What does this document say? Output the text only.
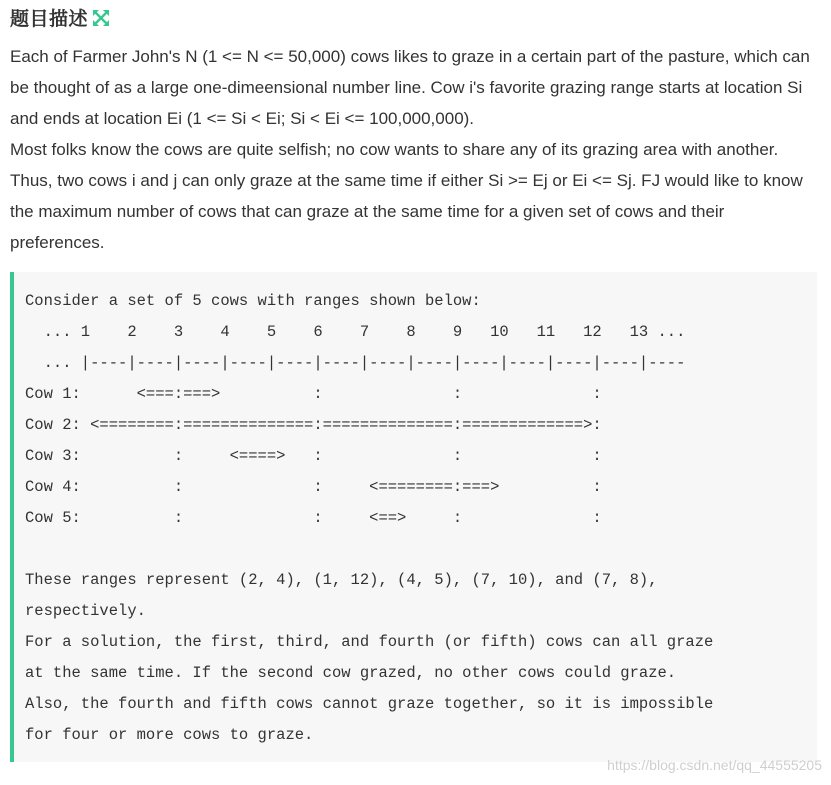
题目描述

Each of Farmer John's N (1 <= N <= 50,000) cows likes to graze in a certain part of the pasture, which can be thought of as a large one-dimeensional number line. Cow i's favorite grazing range starts at location Si and ends at location Ei (1 <= Si < Ei; Si < Ei <= 100,000,000).

Most folks know the cows are quite selfish; no cow wants to share any of its grazing area with another. Thus, two cows i and j can only graze at the same time if either Si >= Ej or Ei <= Sj. FJ would like to know the maximum number of cows that can graze at the same time for a given set of cows and their preferences.

Consider a set of 5 cows with ranges shown below:
... 1    2    3    4    5    6    7    8    9   10   11   12   13 ...
... |----|----|----|----|----|----|----|----|----|----|----|----|----
Cow 1:      <===:===>          :              :              :
Cow 2: <========:==============:==============:=============>:
Cow 3:          :     <====>   :              :              :
Cow 4:          :              :     <========:===>          :
Cow 5:          :              :     <==>     :              :

These ranges represent (2, 4), (1, 12), (4, 5), (7, 10), and (7, 8),
respectively.
For a solution, the first, third, and fourth (or fifth) cows can all graze
at the same time. If the second cow grazed, no other cows could graze.
Also, the fourth and fifth cows cannot graze together, so it is impossible
for four or more cows to graze.
https://blog.csdn.net/qq_44555205
